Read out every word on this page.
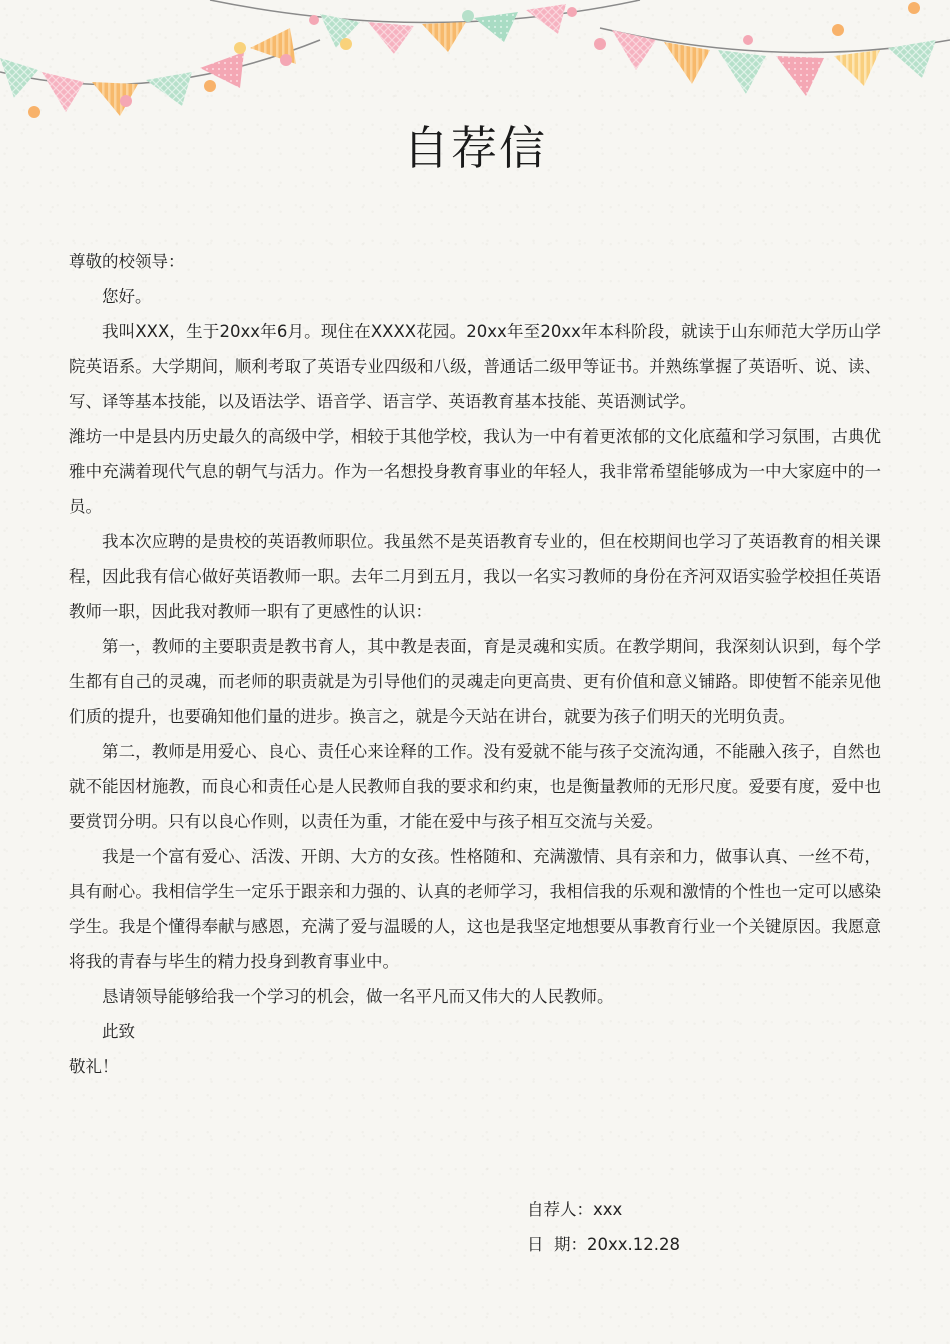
自荐信

尊敬的校领导：

您好。

我叫XXX，生于20xx年6月。现住在XXXX花园。20xx年至20xx年本科阶段，就读于山东师范大学历山学院英语系。大学期间，顺利考取了英语专业四级和八级，普通话二级甲等证书。并熟练掌握了英语听、说、读、写、译等基本技能，以及语法学、语音学、语言学、英语教育基本技能、英语测试学。

潍坊一中是县内历史最久的高级中学，相较于其他学校，我认为一中有着更浓郁的文化底蕴和学习氛围，古典优雅中充满着现代气息的朝气与活力。作为一名想投身教育事业的年轻人，我非常希望能够成为一中大家庭中的一员。

我本次应聘的是贵校的英语教师职位。我虽然不是英语教育专业的，但在校期间也学习了英语教育的相关课程，因此我有信心做好英语教师一职。去年二月到五月，我以一名实习教师的身份在齐河双语实验学校担任英语教师一职，因此我对教师一职有了更感性的认识：

第一，教师的主要职责是教书育人，其中教是表面，育是灵魂和实质。在教学期间，我深刻认识到，每个学生都有自己的灵魂，而老师的职责就是为引导他们的灵魂走向更高贵、更有价值和意义铺路。即使暂不能亲见他们质的提升，也要确知他们量的进步。换言之，就是今天站在讲台，就要为孩子们明天的光明负责。

第二，教师是用爱心、良心、责任心来诠释的工作。没有爱就不能与孩子交流沟通，不能融入孩子，自然也就不能因材施教，而良心和责任心是人民教师自我的要求和约束，也是衡量教师的无形尺度。爱要有度，爱中也要赏罚分明。只有以良心作则，以责任为重，才能在爱中与孩子相互交流与关爱。

我是一个富有爱心、活泼、开朗、大方的女孩。性格随和、充满激情、具有亲和力，做事认真、一丝不苟，具有耐心。我相信学生一定乐于跟亲和力强的、认真的老师学习，我相信我的乐观和激情的个性也一定可以感染学生。我是个懂得奉献与感恩，充满了爱与温暖的人，这也是我坚定地想要从事教育行业一个关键原因。我愿意将我的青春与毕生的精力投身到教育事业中。

恳请领导能够给我一个学习的机会，做一名平凡而又伟大的人民教师。

此致

敬礼！

自荐人：xxx
日  期：20xx.12.28
